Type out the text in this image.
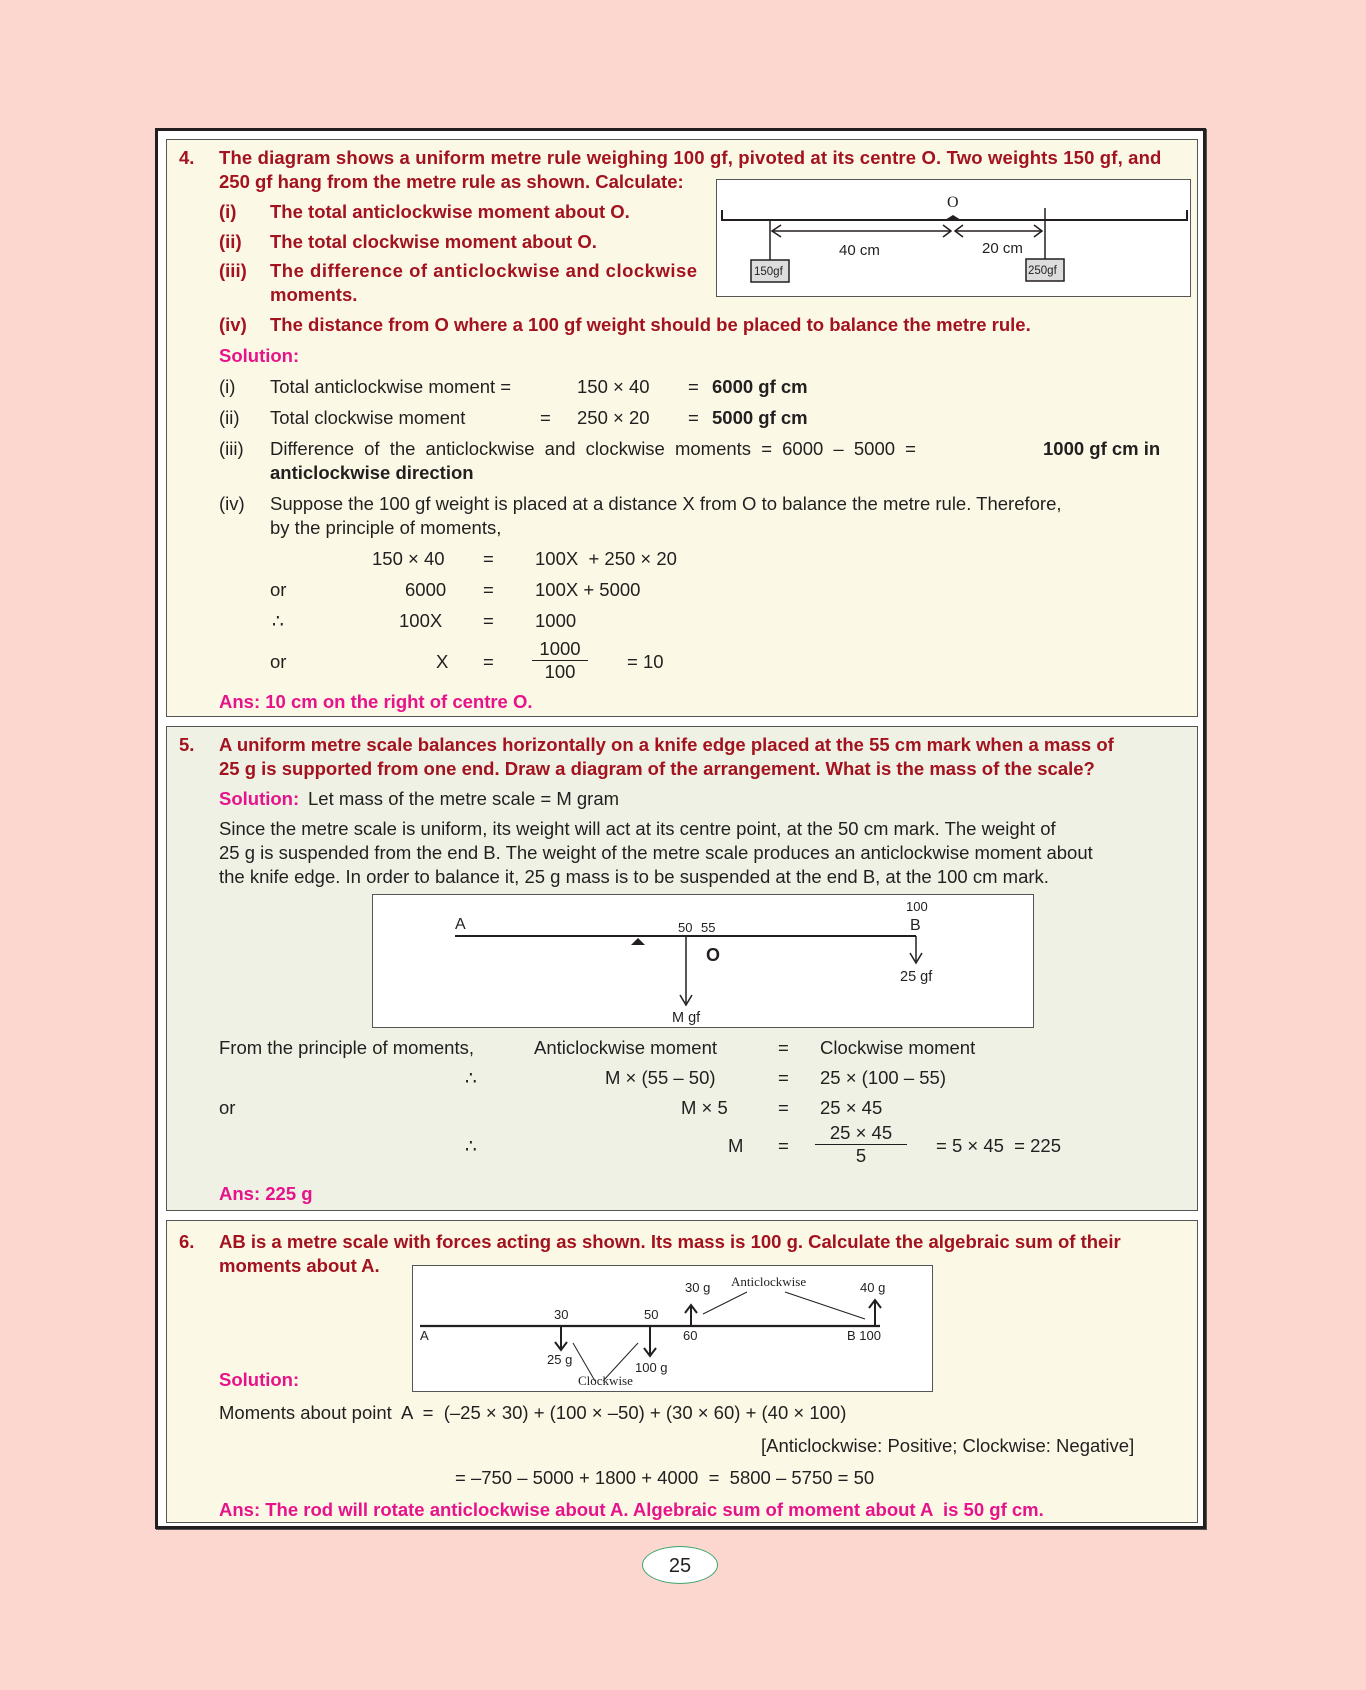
4. The diagram shows a uniform metre rule weighing 100 gf, pivoted at its centre O. Two weights 150 gf, and
250 gf hang from the metre rule as shown. Calculate:
(i) The total anticlockwise moment about O.
(ii) The total clockwise moment about O.
(iii) The difference of anticlockwise and clockwise
moments.
(iv) The distance from O where a 100 gf weight should be placed to balance the metre rule.
O
40 cm	20 cm
150gf	250gf
Solution:
(i) Total anticlockwise moment =	150 × 40 = 6000 gf cm
(ii) Total clockwise moment	= 250 × 20 = 5000 gf cm
(iii) Difference of the anticlockwise and clockwise moments = 6000 – 5000 =	1000 gf cm in
anticlockwise direction
(iv) Suppose the 100 gf weight is placed at a distance X from O to balance the metre rule. Therefore,
by the principle of moments,
150 × 40 = 100X  + 250 × 20
or	6000 = 100X + 5000
∴	100X = 1000
or	$X = \frac{1000}{100} = 10$
Ans: 10 cm on the right of centre O.
5. A uniform metre scale balances horizontally on a knife edge placed at the 55 cm mark when a mass of
25 g is supported from one end. Draw a diagram of the arrangement. What is the mass of the scale?
Solution: Let mass of the metre scale = M gram
Since the metre scale is uniform, its weight will act at its centre point, at the 50 cm mark. The weight of
25 g is suspended from the end B. The weight of the metre scale produces an anticlockwise moment about
the knife edge. In order to balance it, 25 g mass is to be suspended at the end B, at the 100 cm mark.
A	50 55
100
B
O
25 gf
M gf
From the principle of moments,	Anticlockwise moment	= Clockwise moment
∴	M × (55 – 50)	= 25 × (100 – 55)
or	M × 5	= 25 × 45
∴	$M = \frac{25 \times 45}{5} = 5 \times 45 = 225$
Ans: 225 g
6. AB is a metre scale with forces acting as shown. Its mass is 100 g. Calculate the algebraic sum of their
moments about A.
A
30	50
60	B 100
25 g
100 g
30 g	40 g
Clockwise
Anticlockwise
Solution:
Moments about point  A  =  (–25 × 30) + (100 × –50) + (30 × 60) + (40 × 100)
[Anticlockwise: Positive; Clockwise: Negative]
= –750 – 5000 + 1800 + 4000  =  5800 – 5750 = 50
Ans: The rod will rotate anticlockwise about A. Algebraic sum of moment about A  is 50 gf cm.
25
